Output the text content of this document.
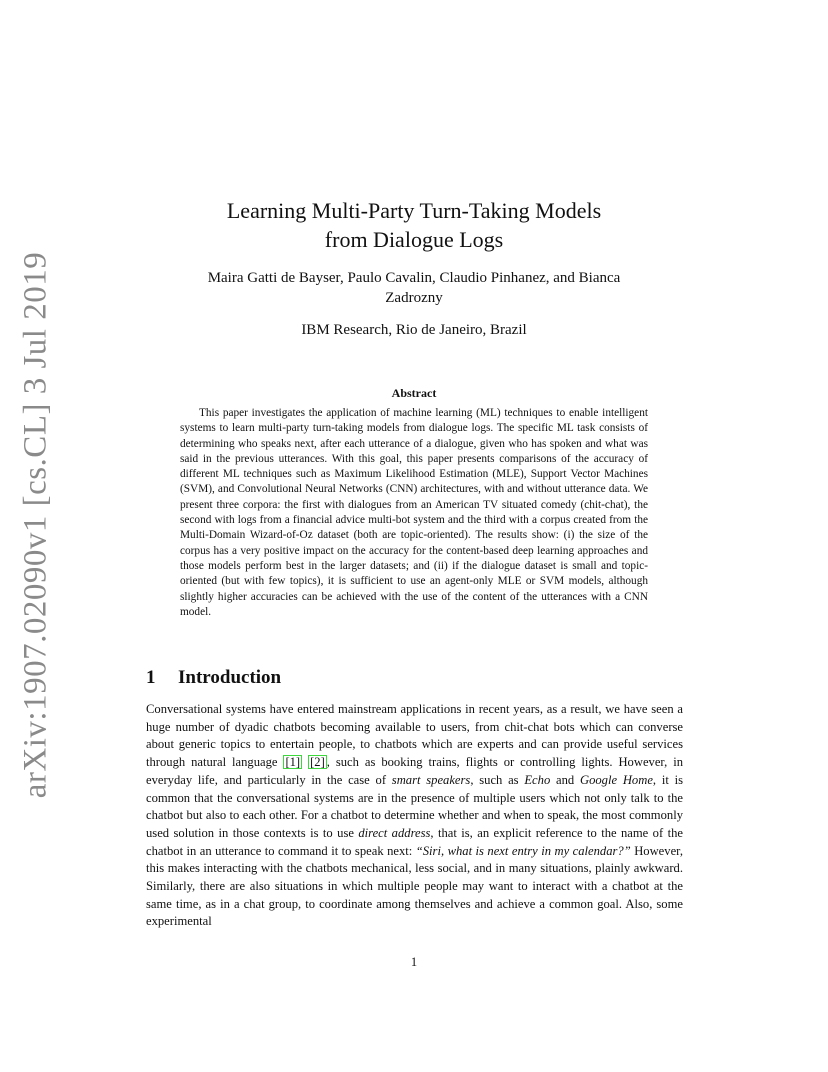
arXiv:1907.02090v1 [cs.CL] 3 Jul 2019
Learning Multi-Party Turn-Taking Models
from Dialogue Logs
Maira Gatti de Bayser, Paulo Cavalin, Claudio Pinhanez, and Bianca
Zadrozny
IBM Research, Rio de Janeiro, Brazil
Abstract
This paper investigates the application of machine learning (ML) techniques to enable intelligent systems to learn multi-party turn-taking models from dialogue logs. The specific ML task consists of determining who speaks next, after each utterance of a dialogue, given who has spoken and what was said in the previous utterances. With this goal, this paper presents comparisons of the accuracy of different ML techniques such as Maximum Likelihood Estimation (MLE), Support Vector Machines (SVM), and Convolutional Neural Networks (CNN) architectures, with and without utterance data. We present three corpora: the first with dialogues from an American TV situated comedy (chit-chat), the second with logs from a financial advice multi-bot system and the third with a corpus created from the Multi-Domain Wizard-of-Oz dataset (both are topic-oriented). The results show: (i) the size of the corpus has a very positive impact on the accuracy for the content-based deep learning approaches and those models perform best in the larger datasets; and (ii) if the dialogue dataset is small and topic-oriented (but with few topics), it is sufficient to use an agent-only MLE or SVM models, although slightly higher accuracies can be achieved with the use of the content of the utterances with a CNN model.
1 Introduction
Conversational systems have entered mainstream applications in recent years, as a result, we have seen a huge number of dyadic chatbots becoming available to users, from chit-chat bots which can converse about generic topics to entertain people, to chatbots which are experts and can provide useful services through natural language [1] [2] , such as booking trains, flights or controlling lights. However, in everyday life, and particularly in the case of smart speakers, such as Echo and Google Home, it is common that the conversational systems are in the presence of multiple users which not only talk to the chatbot but also to each other. For a chatbot to determine whether and when to speak, the most commonly used solution in those contexts is to use direct address, that is, an explicit reference to the name of the chatbot in an utterance to command it to speak next: “Siri, what is next entry in my calendar?” However, this makes interacting with the chatbots mechanical, less social, and in many situations, plainly awkward. Similarly, there are also situations in which multiple people may want to interact with a chatbot at the same time, as in a chat group, to coordinate among themselves and achieve a common goal. Also, some experimental
1
